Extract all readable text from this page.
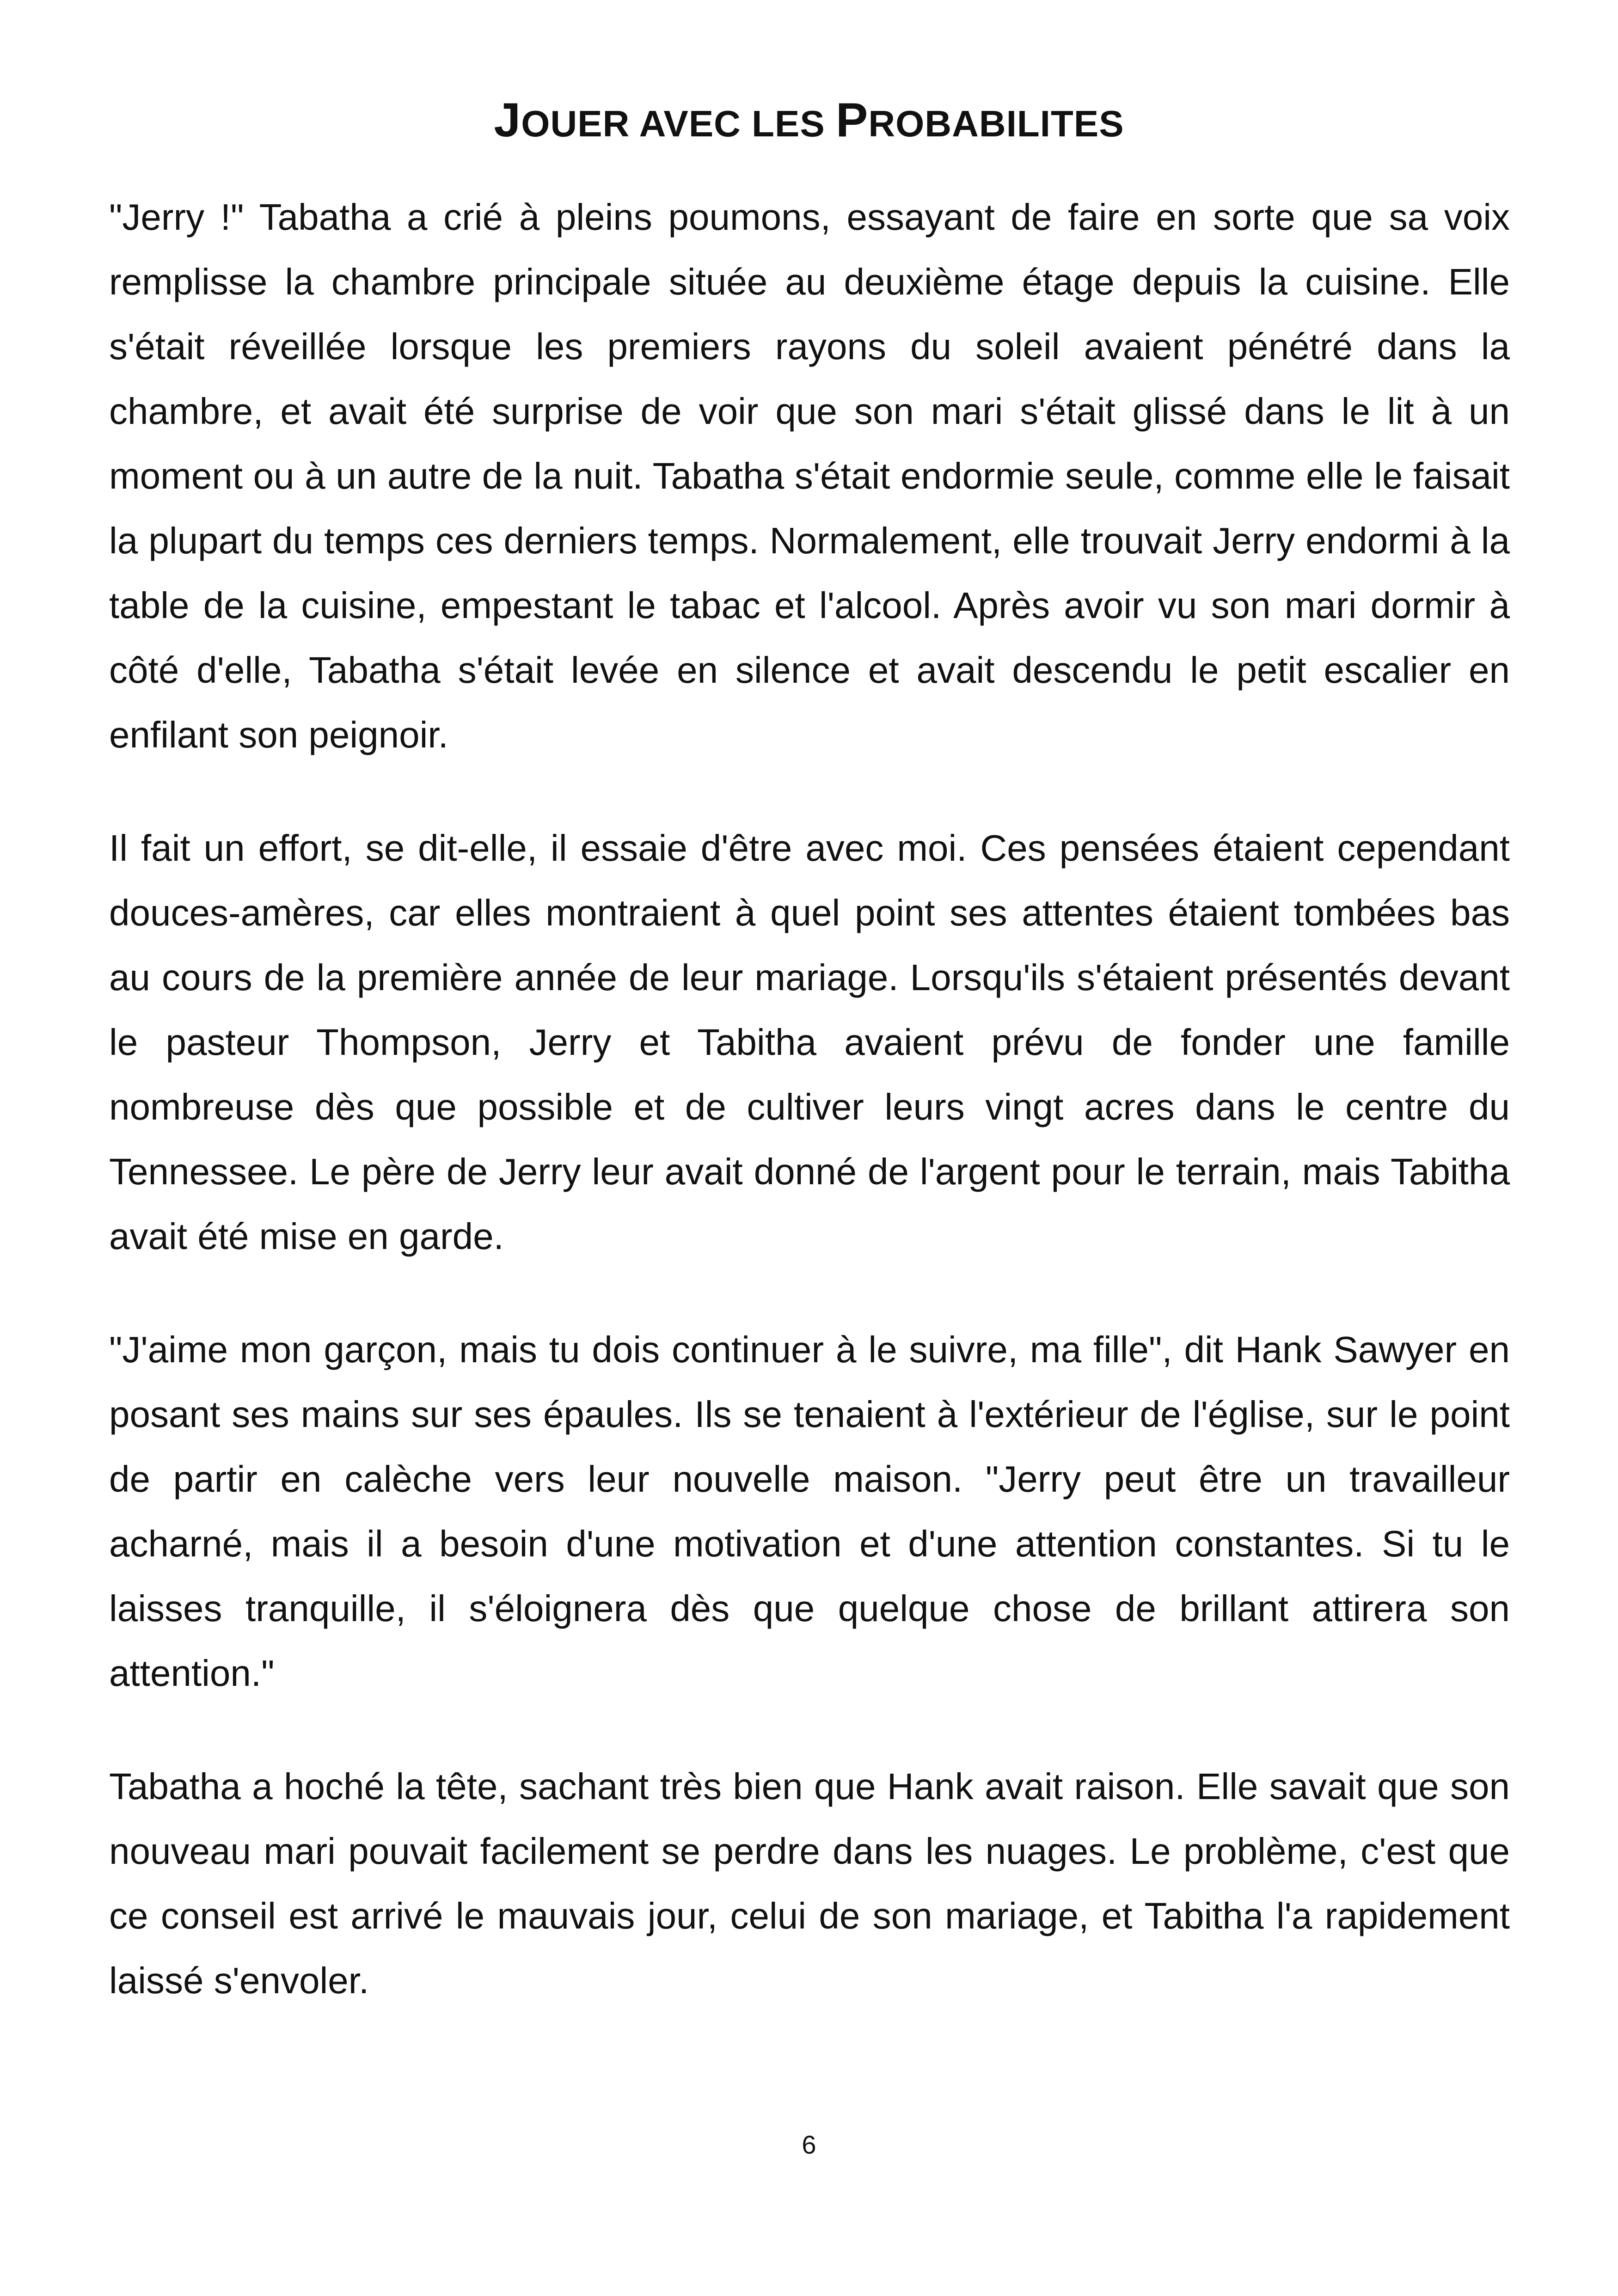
JOUER AVEC LES PROBABILITES

"Jerry !" Tabatha a crié à pleins poumons, essayant de faire en sorte que sa voix remplisse la chambre principale située au deuxième étage depuis la cuisine. Elle s'était réveillée lorsque les premiers rayons du soleil avaient pénétré dans la chambre, et avait été surprise de voir que son mari s'était glissé dans le lit à un moment ou à un autre de la nuit. Tabatha s'était endormie seule, comme elle le faisait la plupart du temps ces derniers temps. Normalement, elle trouvait Jerry endormi à la table de la cuisine, empestant le tabac et l'alcool. Après avoir vu son mari dormir à côté d'elle, Tabatha s'était levée en silence et avait descendu le petit escalier en enfilant son peignoir.

Il fait un effort, se dit-elle, il essaie d'être avec moi. Ces pensées étaient cependant douces-amères, car elles montraient à quel point ses attentes étaient tombées bas au cours de la première année de leur mariage. Lorsqu'ils s'étaient présentés devant le pasteur Thompson, Jerry et Tabitha avaient prévu de fonder une famille nombreuse dès que possible et de cultiver leurs vingt acres dans le centre du Tennessee. Le père de Jerry leur avait donné de l'argent pour le terrain, mais Tabitha avait été mise en garde.

"J'aime mon garçon, mais tu dois continuer à le suivre, ma fille", dit Hank Sawyer en posant ses mains sur ses épaules. Ils se tenaient à l'extérieur de l'église, sur le point de partir en calèche vers leur nouvelle maison. "Jerry peut être un travailleur acharné, mais il a besoin d'une motivation et d'une attention constantes. Si tu le laisses tranquille, il s'éloignera dès que quelque chose de brillant attirera son attention."

Tabatha a hoché la tête, sachant très bien que Hank avait raison. Elle savait que son nouveau mari pouvait facilement se perdre dans les nuages. Le problème, c'est que ce conseil est arrivé le mauvais jour, celui de son mariage, et Tabitha l'a rapidement laissé s'envoler.

6
